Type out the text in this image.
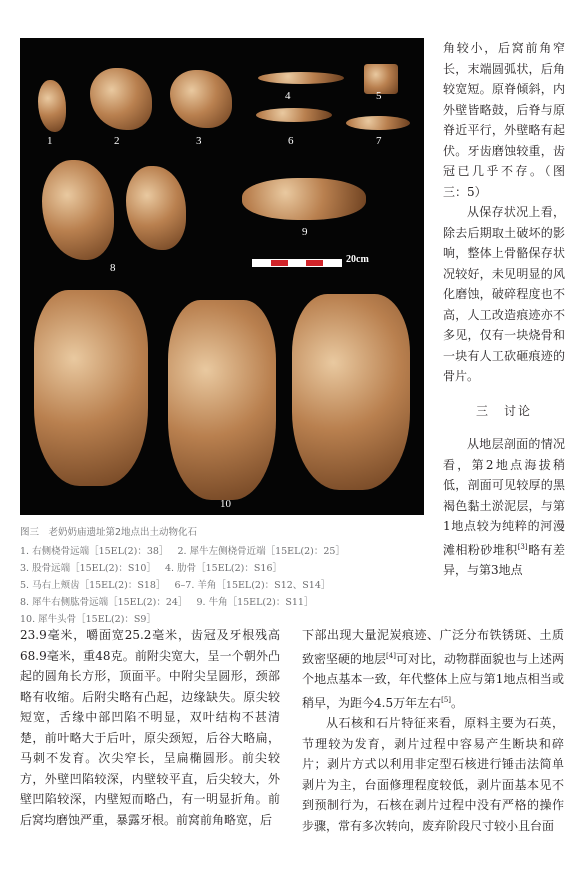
1	2	3
4	5
6	7
8
9
20cm
10
图三　老奶奶庙遗址第2地点出土动物化石
1. 右侧桡骨远端［15EL(2)：38］ 2. 犀牛左侧桡骨近端［15EL(2)：25］ 3. 股骨远端［15EL(2)：S10］ 4. 肋骨［15EL(2)：S16］ 5. 马右上颊齿［15EL(2)：S18］ 6–7. 羊角［15EL(2)：S12、S14］ 8. 犀牛右侧肱骨远端［15EL(2)：24］ 9. 牛角［15EL(2)：S11］ 10. 犀牛头骨［15EL(2)：S9］

角较小，后窝前角窄长，末端圆弧状，后角较宽短。原脊倾斜，内外壁皆略鼓，后脊与原脊近平行，外壁略有起伏。牙齿磨蚀较重，齿冠已几乎不存。（图三：5）

从保存状况上看，除去后期取土破坏的影响，整体上骨骼保存状况较好，未见明显的风化磨蚀，破碎程度也不高，人工改造痕迹亦不多见，仅有一块烧骨和一块有人工砍砸痕迹的骨片。

三　讨论

从地层剖面的情况看，第2地点海拔稍低，剖面可见较厚的黑褐色黏土淤泥层，与第1地点较为纯粹的河漫滩相粉砂堆积[3]略有差异，与第3地点

23.9毫米，嚼面宽25.2毫米，齿冠及牙根残高68.9毫米，重48克。前附尖宽大，呈一个朝外凸起的圆角长方形，顶面平。中附尖呈圆形，颈部略有收缩。后附尖略有凸起，边缘缺失。原尖较短宽，舌缘中部凹陷不明显，双叶结构不甚清楚，前叶略大于后叶，原尖颈短，后谷大略扁，马刺不发育。次尖窄长，呈扁椭圆形。前尖较方，外壁凹陷较深，内壁较平直，后尖较大，外壁凹陷较深，内壁短而略凸，有一明显折角。前后窝均磨蚀严重，暴露牙根。前窝前角略宽，后

下部出现大量泥炭痕迹、广泛分布铁锈斑、土质致密坚硬的地层[4]可对比，动物群面貌也与上述两个地点基本一致，年代整体上应与第1地点相当或稍早，为距今4.5万年左右[5]。

从石核和石片特征来看，原料主要为石英，节理较为发育，剥片过程中容易产生断块和碎片；剥片方式以利用非定型石核进行锤击法简单剥片为主，台面修理程度较低，剥片面基本见不到预制行为，石核在剥片过程中没有严格的操作步骤，常有多次转向，废弃阶段尺寸较小且台面
